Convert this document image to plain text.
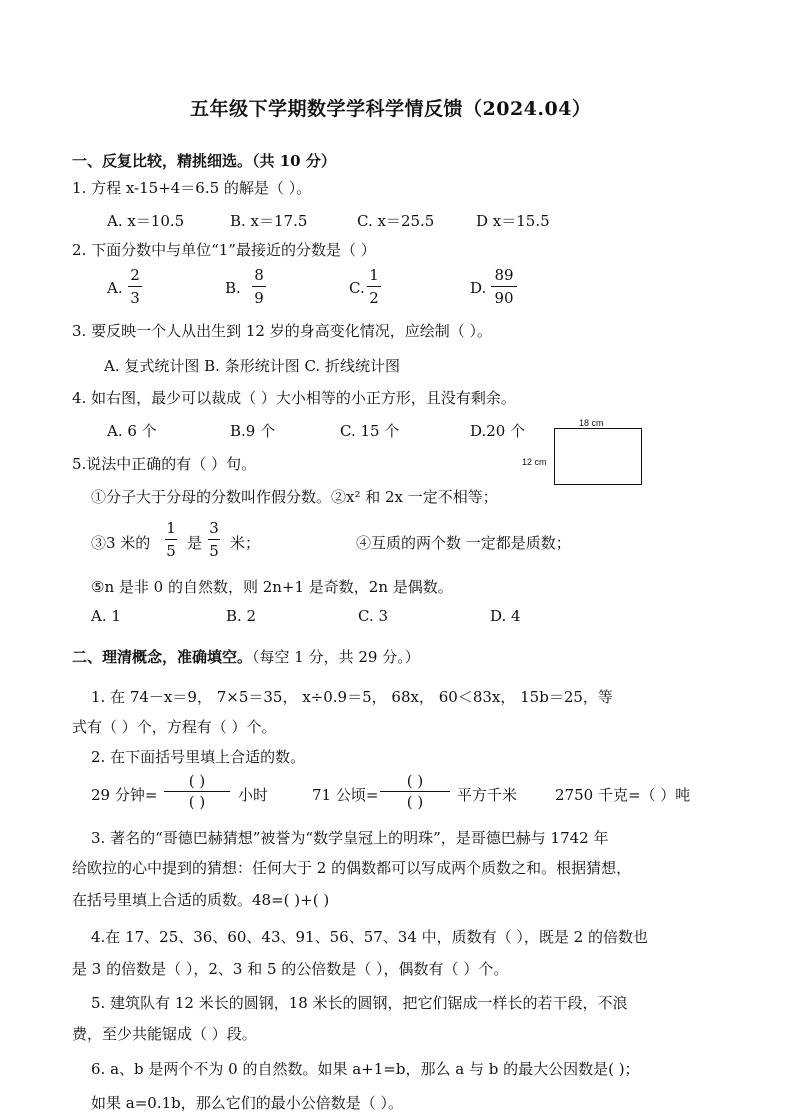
五年级下学期数学学科学情反馈（2024.04）
一、反复比较，精挑细选。（共 10 分）
1. 方程 x-15+4＝6.5 的解是（ ）。
A. x＝10.5	B. x＝17.5	C. x＝25.5	D x＝15.5
2. 下面分数中与单位“1”最接近的分数是（ ）
A.
2
3
B.
8
9
C.
1
2
D.
89
90
3. 要反映一个人从出生到 12 岁的身高变化情况，应绘制（ ）。
A. 复式统计图 B. 条形统计图 C. 折线统计图
4. 如右图，最少可以裁成（ ）大小相等的小正方形，且没有剩余。
A. 6 个	B.9 个	C. 15 个	D.20 个	18 cm
12 cm
5.说法中正确的有（ ）句。
①分子大于分母的分数叫作假分数。②x² 和 2x 一定不相等；
③3 米的
1
5 是
3
5 米；	④互质的两个数 一定都是质数；
⑤n 是非 0 的自然数，则 2n+1 是奇数，2n 是偶数。
A. 1	B. 2	C. 3	D. 4
二、理清概念，准确填空。（每空 1 分，共 29 分。）
1. 在 74－x＝9， 7×5＝35， x÷0.9＝5， 68x， 60＜83x， 15b＝25，等
式有（ ）个，方程有（ ）个。
2. 在下面括号里填上合适的数。
29 分钟=
( )
( )	小时	71 公顷=
( )
( )	平方千米	2750 千克=（ ）吨
3. 著名的“哥德巴赫猜想”被誉为“数学皇冠上的明珠”，是哥德巴赫与 1742 年
给欧拉的心中提到的猜想：任何大于 2 的偶数都可以写成两个质数之和。根据猜想，
在括号里填上合适的质数。48=( )+( )
4.在 17、25、36、60、43、91、56、57、34 中，质数有（ ），既是 2 的倍数也
是 3 的倍数是（ ），2、3 和 5 的公倍数是（ ），偶数有（ ）个。
5. 建筑队有 12 米长的圆钢，18 米长的圆钢，把它们锯成一样长的若干段，不浪
费，至少共能锯成（ ）段。
6. a、b 是两个不为 0 的自然数。如果 a+1=b，那么 a 与 b 的最大公因数是( )；
如果 a=0.1b，那么它们的最小公倍数是（ ）。
